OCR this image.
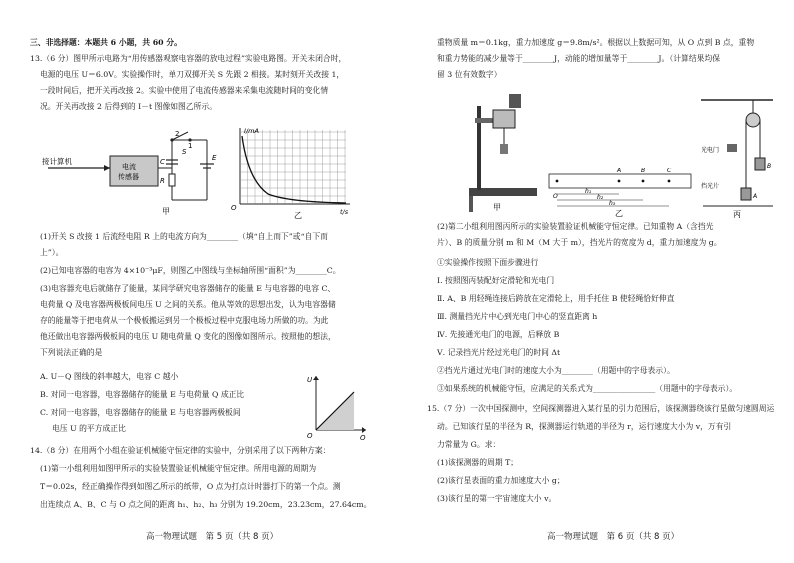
三、非选择题：本题共 6 小题，共 60 分。
13.（6 分）图甲所示电路为“用传感器观察电容器的放电过程”实验电路图。开关未闭合时，
电源的电压 U＝6.0V。实验操作时，单刀双掷开关 S 先跟 2 相接。某时刻开关改接 1，
一段时间后，把开关再改接 2。实验中使用了电流传感器来采集电流随时间的变化情
况。开关再改接 2 后得到的 I－t 图像如图乙所示。
接计算机
电流
传感器
2
1
S
C
R
E
甲
I/mA
t/s
O
乙
(1)开关 S 改接 1 后流经电阻 R 上的电流方向为________（填“自上而下”或“自下而
上”）。
(2)已知电容器的电容为 4×10⁻³μF，则图乙中图线与坐标轴所围“面积”为________C。
(3)电容器充电后就储存了能量，某同学研究电容器储存的能量 E 与电容器的电容 C、
电荷量 Q 及电容器两极板间电压 U 之间的关系。他从等效的思想出发，认为电容器储
存的能量等于把电荷从一个极板搬运到另一个极板过程中克服电场力所做的功。为此
他还做出电容器两极板间的电压 U 随电荷量 Q 变化的图像如图所示。按照他的想法，
下列说法正确的是
A. U－Q 图线的斜率越大，电容 C 越小
B. 对同一电容器，电容器储存的能量 E 与电荷量 Q 成正比
C. 对同一电容器，电容器储存的能量 E 与电容器两极板间
电压 U 的平方成正比
U
Q
O
14.（8 分）在用两个小组在验证机械能守恒定律的实验中，分别采用了以下两种方案：
(1)第一小组利用如图甲所示的实验装置验证机械能守恒定律。所用电源的周期为
T＝0.02s，经正确操作得到如图乙所示的纸带，O 点为打点计时器打下的第一个点。测
出连续点 A、B、C 与 O 点之间的距离 h₁、h₂、h₃ 分别为 19.20cm，23.23cm，27.64cm。
高一物理试题　第 5 页（共 8 页）
重物质量 m＝0.1kg，重力加速度 g＝9.8m/s²。根据以上数据可知，从 O 点到 B 点，重物
和重力势能的减少量等于________J，动能的增加量等于________J。（计算结果均保
留 3 位有效数字）
甲
O
A	B	C
h₁
h₂
h₃
乙
光电门
B
A
挡光片
丙
(2)第二小组利用图丙所示的实验装置验证机械能守恒定律。已知重物 A（含挡光
片）、B 的质量分别 m 和 M（M 大于 m），挡光片的宽度为 d，重力加速度为 g。
①实验操作按照下面步骤进行
Ⅰ. 按照图丙装配好定滑轮和光电门
Ⅱ. A、B 用轻绳连接后跨放在定滑轮上，用手托住 B 使轻绳恰好伸直
Ⅲ. 测量挡光片中心到光电门中心的竖直距离 h
Ⅳ. 先接通光电门的电源，后释放 B
Ⅴ. 记录挡光片经过光电门的时间 Δt
②挡光片通过光电门时的速度大小为________（用题中的字母表示）。
③如果系统的机械能守恒，应满足的关系式为________________（用题中的字母表示）。
15.（7 分）一次中国探测中，空间探测器进入某行星的引力范围后，该探测器绕该行星做匀速圆周运
动。已知该行星的半径为 R，探测器运行轨道的半径为 r，运行速度大小为 v，万有引
力常量为 G。求：
(1)该探测器的周期 T；
(2)该行星表面的重力加速度大小 g；
(3)该行星的第一宇宙速度大小 v。
高一物理试题　第 6 页（共 8 页）
